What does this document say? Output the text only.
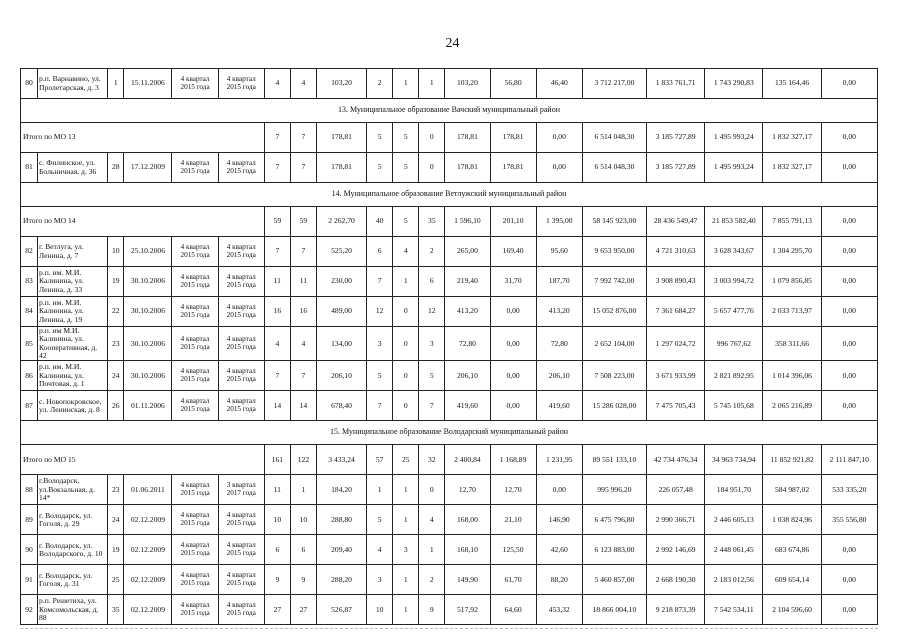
24
80	р.п. Варнавино, ул. Пролетарская, д. 3	1	15.11.2006	4 квартал 2015 года	4 квартал 2015 года	4	4	103,20	2	1	1	103,20	56,80	46,40	3 712 217,00	1 833 761,71	1 743 290,83	135 164,46	0,00
13. Муниципальное образование Вачский муниципальный район																			
Итого по МО 13						7	7	178,81	5	5	0	178,81	178,81	0,00	6 514 048,30	3 185 727,89	1 495 993,24	1 832 327,17	0,00
81	с. Филинское, ул. Больничная, д. 36	28	17.12.2009	4 квартал 2015 года	4 квартал 2015 года	7	7	178,81	5	5	0	178,81	178,81	0,00	6 514 048,30	3 185 727,89	1 495 993,24	1 832 327,17	0,00
14. Муниципальное образование Ветлужский муниципальный район																			
Итого по МО 14						59	59	2 262,70	40	5	35	1 596,10	201,10	1 395,00	58 145 923,00	28 436 549,47	21 853 582,40	7 855 791,13	0,00
82	г. Ветлуга, ул. Ленина, д. 7	10	25.10.2006	4 квартал 2015 года	4 квартал 2015 года	7	7	525,20	6	4	2	265,00	169,40	95,60	9 653 950,00	4 721 310,63	3 628 343,67	1 304 295,70	0,00
83	р.п. им. М.И. Калинина, ул. Ленина, д. 33	19	30.10.2006	4 квартал 2015 года	4 квартал 2015 года	11	11	230,00	7	1	6	219,40	31,70	187,70	7 992 742,00	3 908 890,43	3 003 994,72	1 079 856,85	0,00
84	р.п. им. М.И. Калинина, ул. Ленина, д. 19	22	30.10.2006	4 квартал 2015 года	4 квартал 2015 года	16	16	489,00	12	0	12	413,20	0,00	413,20	15 052 876,00	7 361 684,27	5 657 477,76	2 033 713,97	0,00
85	р.п. им М.И. Калинина, ул. Кооперативная, д. 42	23	30.10.2006	4 квартал 2015 года	4 квартал 2015 года	4	4	134,00	3	0	3	72,80	0,00	72,80	2 652 104,00	1 297 024,72	996 767,62	358 311,66	0,00
86	р.п. им. М.И. Калинина, ул. Почтовая, д. 1	24	30.10.2006	4 квартал 2015 года	4 квартал 2015 года	7	7	206,10	5	0	5	206,10	0,00	206,10	7 508 223,00	3 671 933,99	2 821 892,95	1 014 396,06	0,00
87	с. Новопокровское, ул. Ленинская, д. 8	26	01.11.2006	4 квартал 2015 года	4 квартал 2015 года	14	14	678,40	7	0	7	419,60	0,00	419,60	15 286 028,00	7 475 705,43	5 745 105,68	2 065 216,89	0,00
15. Муниципальное образование Володарский муниципальный район																			
Итого по МО 15						161	122	3 433,24	57	25	32	2 400,84	1 168,89	1 231,95	89 551 133,10	42 734 476,34	34 963 734,94	11 852 921,82	2 111 847,10
88	г.Володарск, ул.Вокзальная, д. 14*	23	01.06.2011	4 квартал 2015 года	3 квартал 2017 года	11	1	184,20	1	1	0	12,70	12,70	0,00	995 996,20	226 057,48	184 951,70	584 987,02	533 335,20
89	г. Володарск, ул. Гоголя, д. 29	24	02.12.2009	4 квартал 2015 года	4 квартал 2015 года	10	10	288,80	5	1	4	168,00	21,10	146,90	6 475 796,80	2 990 366,71	2 446 605,13	1 038 824,96	355 556,80
90	г. Володарск, ул. Володарского, д. 10	19	02.12.2009	4 квартал 2015 года	4 квартал 2015 года	6	6	209,40	4	3	1	168,10	125,50	42,60	6 123 883,00	2 992 146,69	2 448 061,45	683 674,86	0,00
91	г. Володарск, ул. Гоголя, д. 31	25	02.12.2009	4 квартал 2015 года	4 квартал 2015 года	9	9	288,20	3	1	2	149,90	61,70	88,20	5 460 857,00	2 668 190,30	2 183 012,56	609 654,14	0,00
92	р.п. Решетиха, ул. Комсомольская, д. 88	35	02.12.2009	4 квартал 2015 года	4 квартал 2015 года	27	27	526,87	10	1	9	517,92	64,60	453,32	18 866 004,10	9 218 873,39	7 542 534,11	2 104 596,60	0,00
